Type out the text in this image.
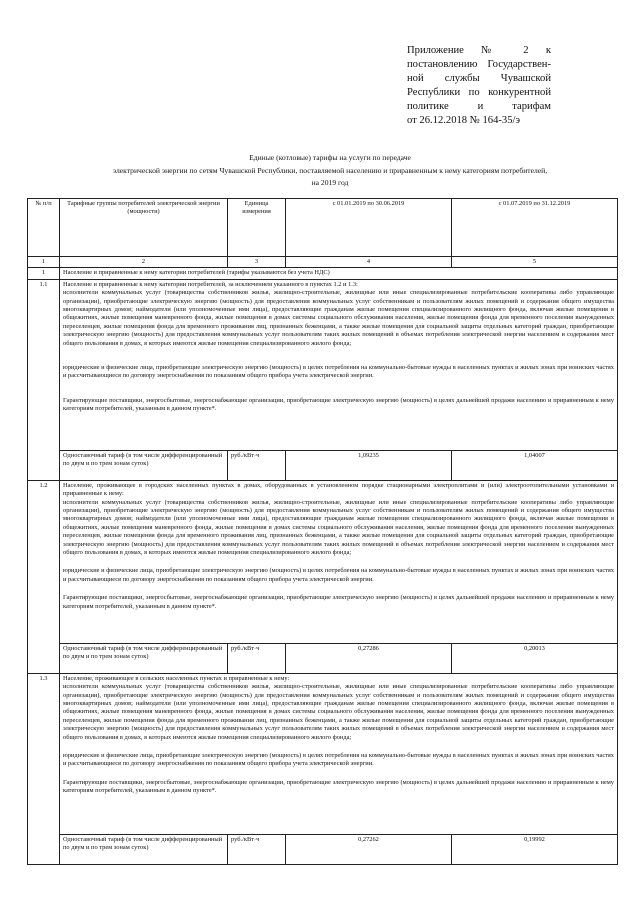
Приложение № 2 к
постановлению Государствен-
ной службы Чувашской
Республики по конкурентной
политике и тарифам
от 26.12.2018 № 164-35/э
Единые (котловые) тарифы на услуги по передаче
электрической энергии по сетям Чувашской Республики, поставляемой населению и приравненным к нему категориям потребителей,
на 2019 год
№ п/п	Тарифные группы потребителей электрической энергии (мощности)	Единица измерения	с 01.01.2019 по 30.06.2019	с 01.07.2019 по 31.12.2019
1	2	3	4	5
1	Население и приравненные к нему категории потребителей (тарифы указываются без учета НДС)			
1.1	Население и приравненные к нему категории потребителей, за исключением указанного в пунктах 1.2 и 1.3:

исполнители коммунальных услуг (товарищества собственников жилья, жилищно-строительные, жилищные или иные специализированные потребительские кооперативы либо управляющие организации), приобретающие электрическую энергию (мощность) для предоставления коммунальных услуг собственникам и пользователям жилых помещений и содержания общего имущества многоквартирных домов; наймодатели (или уполномоченные ими лица), предоставляющие гражданам жилые помещения специализированного жилищного фонда, включая жилые помещения в общежитиях, жилые помещения маневренного фонда, жилые помещения в домах системы социального обслуживания населения, жилые помещения фонда для временного поселения вынужденных переселенцев, жилые помещения фонда для временного проживания лиц, признанных беженцами, а также жилые помещения для социальной защиты отдельных категорий граждан, приобретающие электрическую энергию (мощность) для предоставления коммунальных услуг пользователям таких жилых помещений в объемах потребления электрической энергии населением и содержания мест общего пользования в домах, в которых имеются жилые помещения специализированного жилого фонда;

юридические и физические лица, приобретающие электрическую энергию (мощность) в целях потребления на коммунально-бытовые нужды в населенных пунктах и жилых зонах при воинских частях и рассчитывающиеся по договору энергоснабжения по показаниям общего прибора учета электрической энергии.

Гарантирующие поставщики, энергосбытовые, энергоснабжающие организации, приобретающие электрическую энергию (мощность) в целях дальнейшей продажи населению и приравненным к нему категориям потребителей, указанным в данном пункте*.			

	Одноставочный тариф (в том числе дифференцированный по двум и по трем зонам суток)	руб./кВт·ч	1,09235	1,04007
1.2	Население, проживающее в городских населенных пунктах в домах, оборудованных в установленном порядке стационарными электроплитами и (или) электроотопительными установками и приравненные к нему:

исполнители коммунальных услуг (товарищества собственников жилья, жилищно-строительные, жилищные или иные специализированные потребительские кооперативы либо управляющие организации), приобретающие электрическую энергию (мощность) для предоставления коммунальных услуг собственникам и пользователям жилых помещений и содержания общего имущества многоквартирных домов; наймодатели (или уполномоченные ими лица), предоставляющие гражданам жилые помещения специализированного жилищного фонда, включая жилые помещения в общежитиях, жилые помещения маневренного фонда, жилые помещения в домах системы социального обслуживания населения, жилые помещения фонда для временного поселения вынужденных переселенцев, жилые помещения фонда для временного проживания лиц, признанных беженцами, а также жилые помещения для социальной защиты отдельных категорий граждан, приобретающие электрическую энергию (мощность) для предоставления коммунальных услуг пользователям таких жилых помещений в объемах потребления электрической энергии населением и содержания мест общего пользования в домах, в которых имеются жилые помещения специализированного жилого фонда;

юридические и физические лица, приобретающие электрическую энергию (мощность) в целях потребления на коммунально-бытовые нужды в населенных пунктах и жилых зонах при воинских частях и рассчитывающиеся по договору энергоснабжения по показаниям общего прибора учета электрической энергии.

Гарантирующие поставщики, энергосбытовые, энергоснабжающие организации, приобретающие электрическую энергию (мощность) в целях дальнейшей продажи населению и приравненным к нему категориям потребителей, указанным в данном пункте*.			

	Одноставочный тариф (в том числе дифференцированный по двум и по трем зонам суток)	руб./кВт·ч	0,27286	0,20013
1.3	Население, проживающее в сельских населенных пунктах и приравненные к нему:

исполнители коммунальных услуг (товарищества собственников жилья, жилищно-строительные, жилищные или иные специализированные потребительские кооперативы либо управляющие организации), приобретающие электрическую энергию (мощность) для предоставления коммунальных услуг собственникам и пользователям жилых помещений и содержания общего имущества многоквартирных домов; наймодатели (или уполномоченные ими лица), предоставляющие гражданам жилые помещения специализированного жилищного фонда, включая жилые помещения в общежитиях, жилые помещения маневренного фонда, жилые помещения в домах системы социального обслуживания населения, жилые помещения фонда для временного поселения вынужденных переселенцев, жилые помещения фонда для временного проживания лиц, признанных беженцами, а также жилые помещения для социальной защиты отдельных категорий граждан, приобретающие электрическую энергию (мощность) для предоставления коммунальных услуг пользователям таких жилых помещений в объемах потребления электрической энергии населением и содержания мест общего пользования в домах, в которых имеются жилые помещения специализированного жилого фонда;

юридические и физические лица, приобретающие электрическую энергию (мощность) в целях потребления на коммунально-бытовые нужды в населенных пунктах и жилых зонах при воинских частях и рассчитывающиеся по договору энергоснабжения по показаниям общего прибора учета электрической энергии.

Гарантирующие поставщики, энергосбытовые, энергоснабжающие организации, приобретающие электрическую энергию (мощность) в целях дальнейшей продажи населению и приравненным к нему категориям потребителей, указанным в данном пункте*.			

	Одноставочный тариф (в том числе дифференцированный по двум и по трем зонам суток)	руб./кВт·ч	0,27262	0,19992
